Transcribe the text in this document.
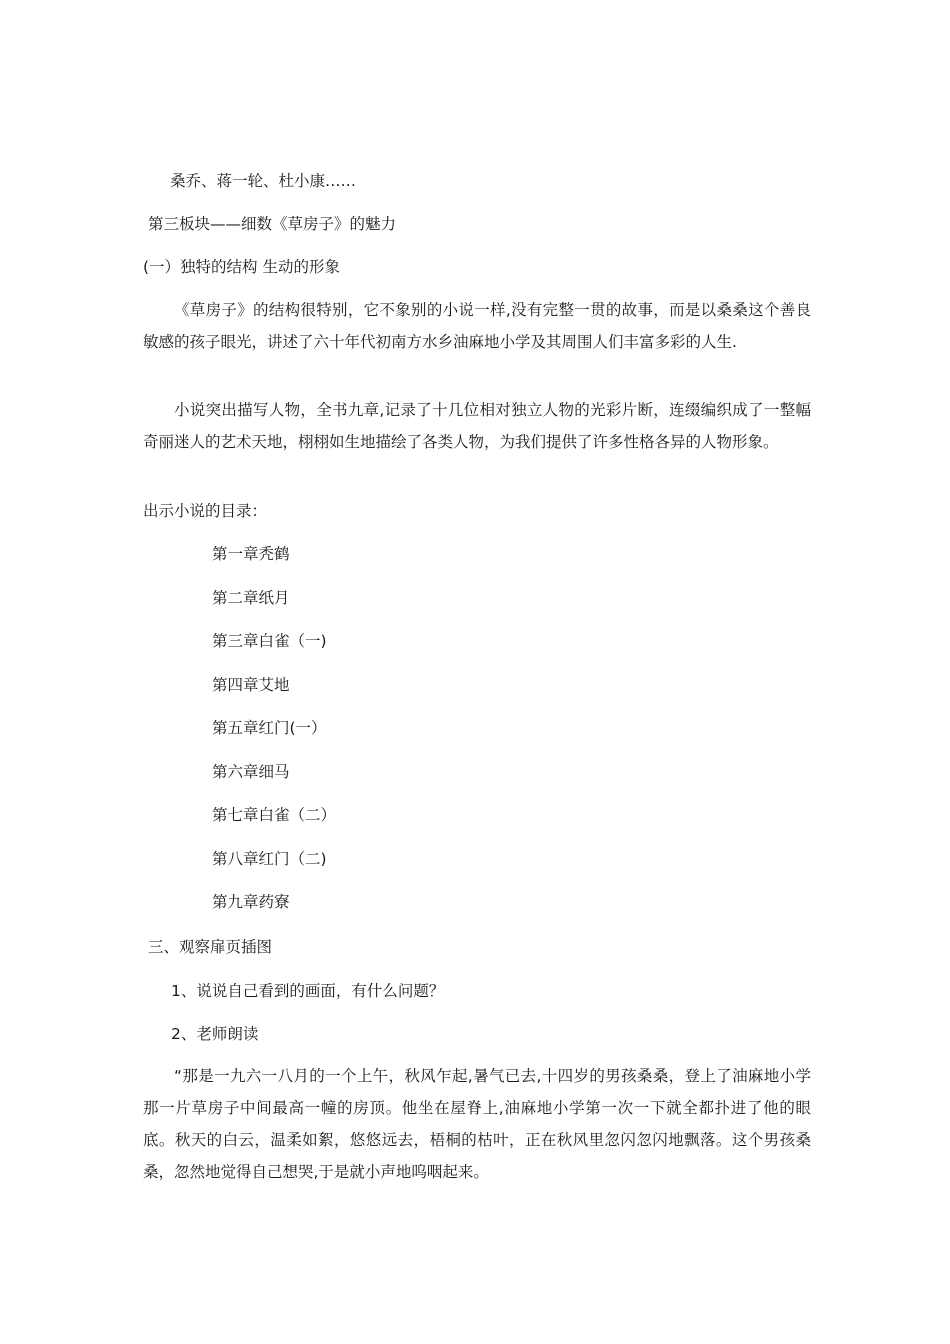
桑乔、蒋一轮、杜小康……
第三板块——细数《草房子》的魅力
(一）独特的结构 生动的形象

《草房子》的结构很特别，它不象别的小说一样,没有完整一贯的故事，而是以桑桑这个善良敏感的孩子眼光，讲述了六十年代初南方水乡油麻地小学及其周围人们丰富多彩的人生.

小说突出描写人物，全书九章,记录了十几位相对独立人物的光彩片断，连缀编织成了一整幅奇丽迷人的艺术天地，栩栩如生地描绘了各类人物，为我们提供了许多性格各异的人物形象。

出示小说的目录：
第一章秃鹤
第二章纸月
第三章白雀（一)
第四章艾地
第五章红门(一）
第六章细马
第七章白雀（二）
第八章红门（二)
第九章药寮
三、观察扉页插图
1、说说自己看到的画面，有什么问题？
2、老师朗读

“那是一九六一八月的一个上午，秋风乍起,暑气已去,十四岁的男孩桑桑，登上了油麻地小学那一片草房子中间最高一幢的房顶。他坐在屋脊上,油麻地小学第一次一下就全都扑进了他的眼底。秋天的白云，温柔如絮，悠悠远去，梧桐的枯叶，正在秋风里忽闪忽闪地飘落。这个男孩桑桑，忽然地觉得自己想哭,于是就小声地呜咽起来。
